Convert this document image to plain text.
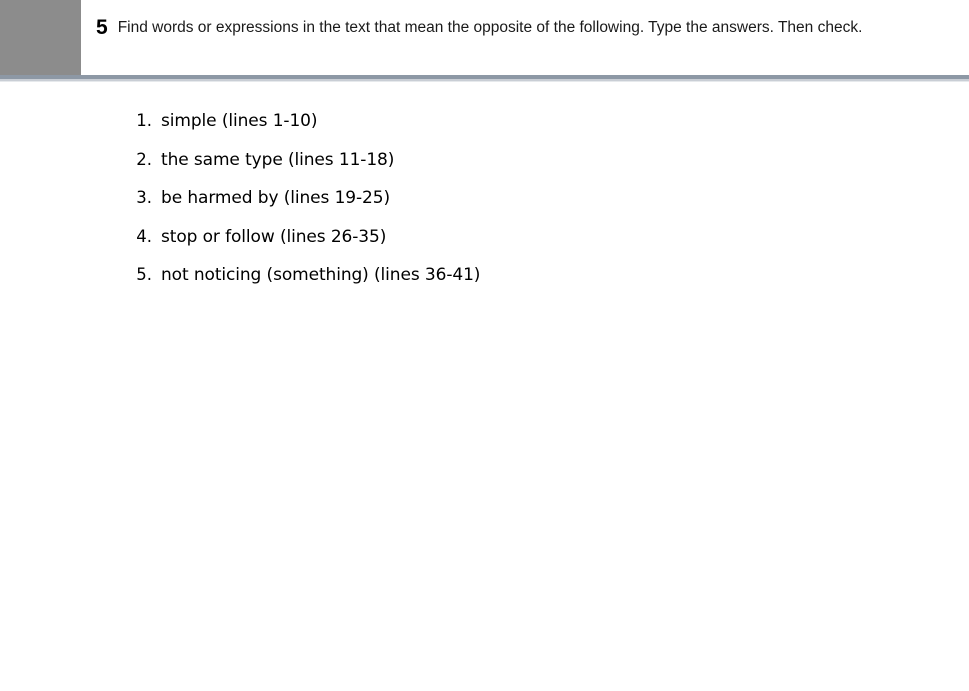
5 Find words or expressions in the text that mean the opposite of the following. Type the answers. Then check.
1. simple (lines 1-10)
2. the same type (lines 11-18)
3. be harmed by (lines 19-25)
4. stop or follow (lines 26-35)
5. not noticing (something) (lines 36-41)
